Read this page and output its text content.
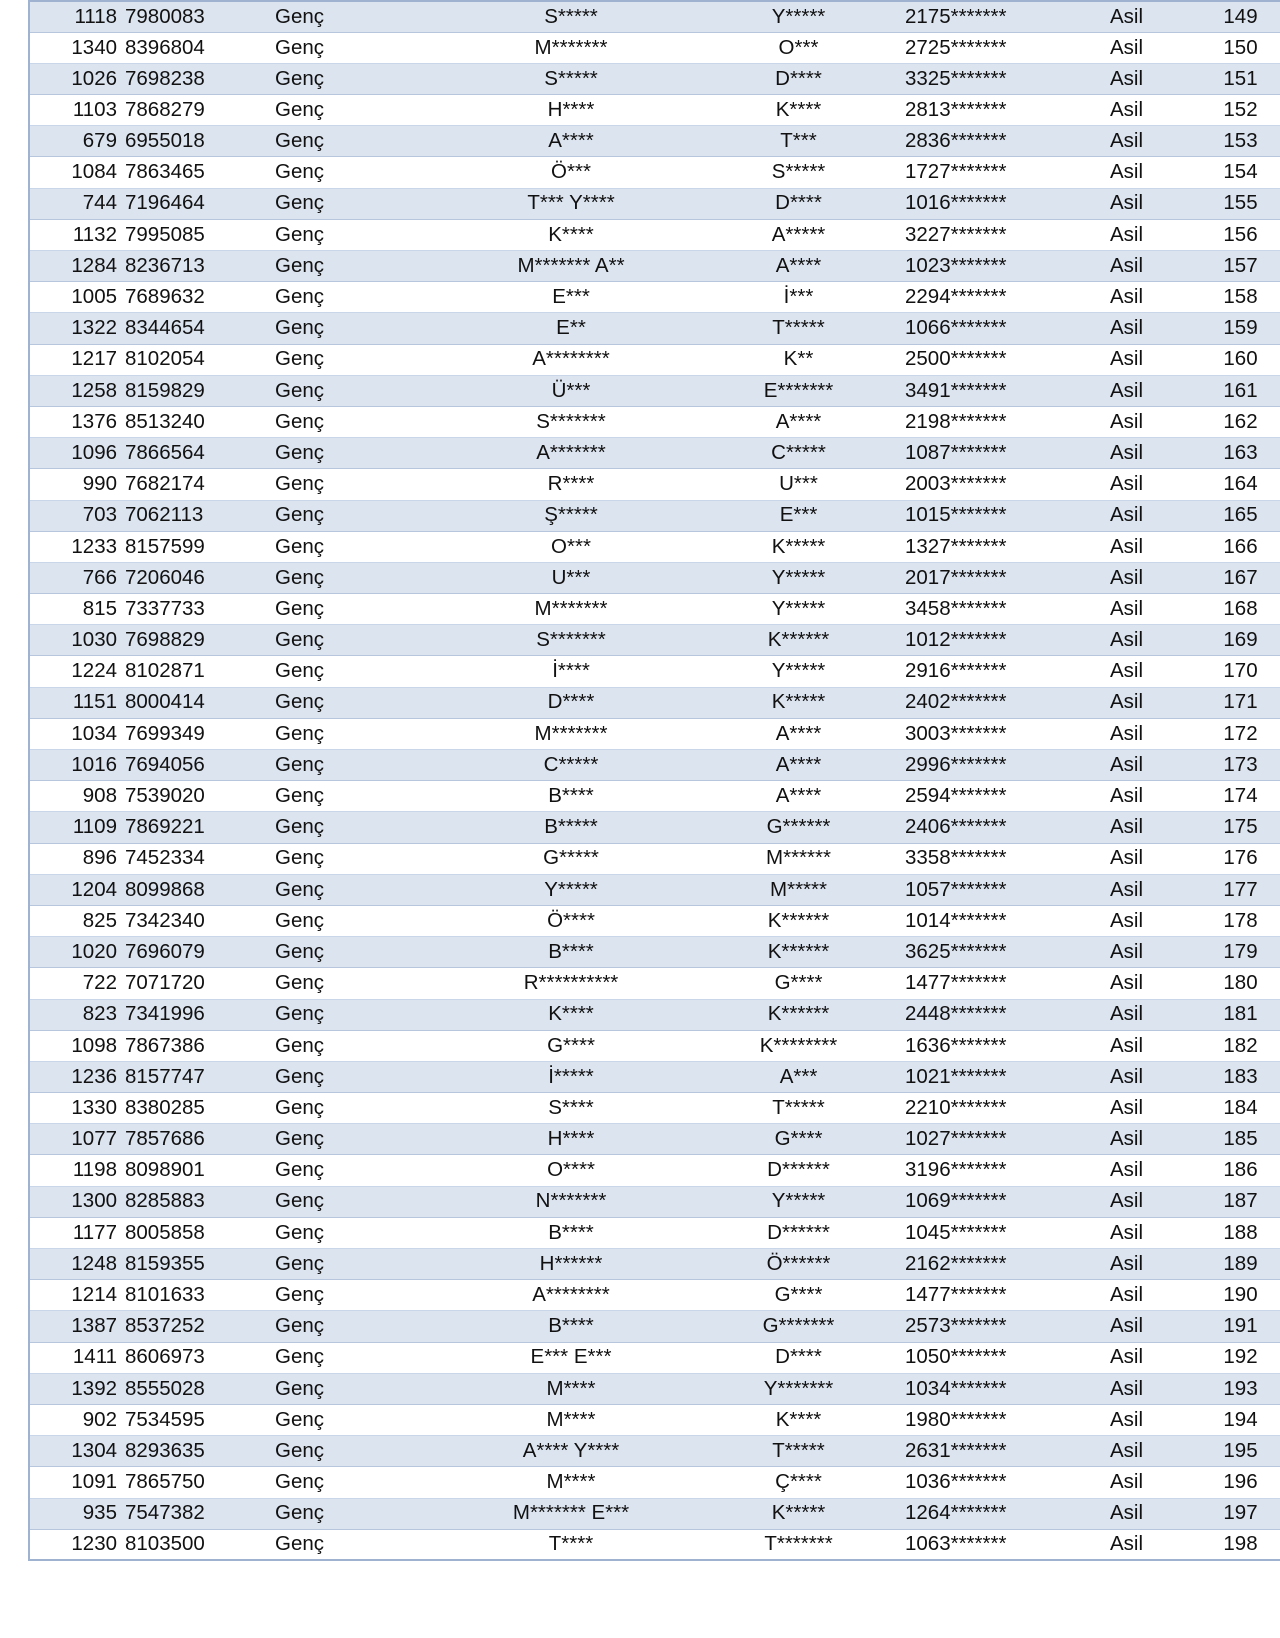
1118	7980083	Genç	S*****	Y*****	2175*******	Asil	149
1340	8396804	Genç	M*******	O***	2725*******	Asil	150
1026	7698238	Genç	S*****	D****	3325*******	Asil	151
1103	7868279	Genç	H****	K****	2813*******	Asil	152
679	6955018	Genç	A****	T***	2836*******	Asil	153
1084	7863465	Genç	Ö***	S*****	1727*******	Asil	154
744	7196464	Genç	T*** Y****	D****	1016*******	Asil	155
1132	7995085	Genç	K****	A*****	3227*******	Asil	156
1284	8236713	Genç	M******* A**	A****	1023*******	Asil	157
1005	7689632	Genç	E***	İ***	2294*******	Asil	158
1322	8344654	Genç	E**	T*****	1066*******	Asil	159
1217	8102054	Genç	A********	K**	2500*******	Asil	160
1258	8159829	Genç	Ü***	E*******	3491*******	Asil	161
1376	8513240	Genç	S*******	A****	2198*******	Asil	162
1096	7866564	Genç	A*******	C*****	1087*******	Asil	163
990	7682174	Genç	R****	U***	2003*******	Asil	164
703	7062113	Genç	Ş*****	E***	1015*******	Asil	165
1233	8157599	Genç	O***	K*****	1327*******	Asil	166
766	7206046	Genç	U***	Y*****	2017*******	Asil	167
815	7337733	Genç	M*******	Y*****	3458*******	Asil	168
1030	7698829	Genç	S*******	K******	1012*******	Asil	169
1224	8102871	Genç	İ****	Y*****	2916*******	Asil	170
1151	8000414	Genç	D****	K*****	2402*******	Asil	171
1034	7699349	Genç	M*******	A****	3003*******	Asil	172
1016	7694056	Genç	C*****	A****	2996*******	Asil	173
908	7539020	Genç	B****	A****	2594*******	Asil	174
1109	7869221	Genç	B*****	G******	2406*******	Asil	175
896	7452334	Genç	G*****	M******	3358*******	Asil	176
1204	8099868	Genç	Y*****	M*****	1057*******	Asil	177
825	7342340	Genç	Ö****	K******	1014*******	Asil	178
1020	7696079	Genç	B****	K******	3625*******	Asil	179
722	7071720	Genç	R**********	G****	1477*******	Asil	180
823	7341996	Genç	K****	K******	2448*******	Asil	181
1098	7867386	Genç	G****	K********	1636*******	Asil	182
1236	8157747	Genç	İ*****	A***	1021*******	Asil	183
1330	8380285	Genç	S****	T*****	2210*******	Asil	184
1077	7857686	Genç	H****	G****	1027*******	Asil	185
1198	8098901	Genç	O****	D******	3196*******	Asil	186
1300	8285883	Genç	N*******	Y*****	1069*******	Asil	187
1177	8005858	Genç	B****	D******	1045*******	Asil	188
1248	8159355	Genç	H******	Ö******	2162*******	Asil	189
1214	8101633	Genç	A********	G****	1477*******	Asil	190
1387	8537252	Genç	B****	G*******	2573*******	Asil	191
1411	8606973	Genç	E*** E***	D****	1050*******	Asil	192
1392	8555028	Genç	M****	Y*******	1034*******	Asil	193
902	7534595	Genç	M****	K****	1980*******	Asil	194
1304	8293635	Genç	A**** Y****	T*****	2631*******	Asil	195
1091	7865750	Genç	M****	Ç****	1036*******	Asil	196
935	7547382	Genç	M******* E***	K*****	1264*******	Asil	197
1230	8103500	Genç	T****	T*******	1063*******	Asil	198
